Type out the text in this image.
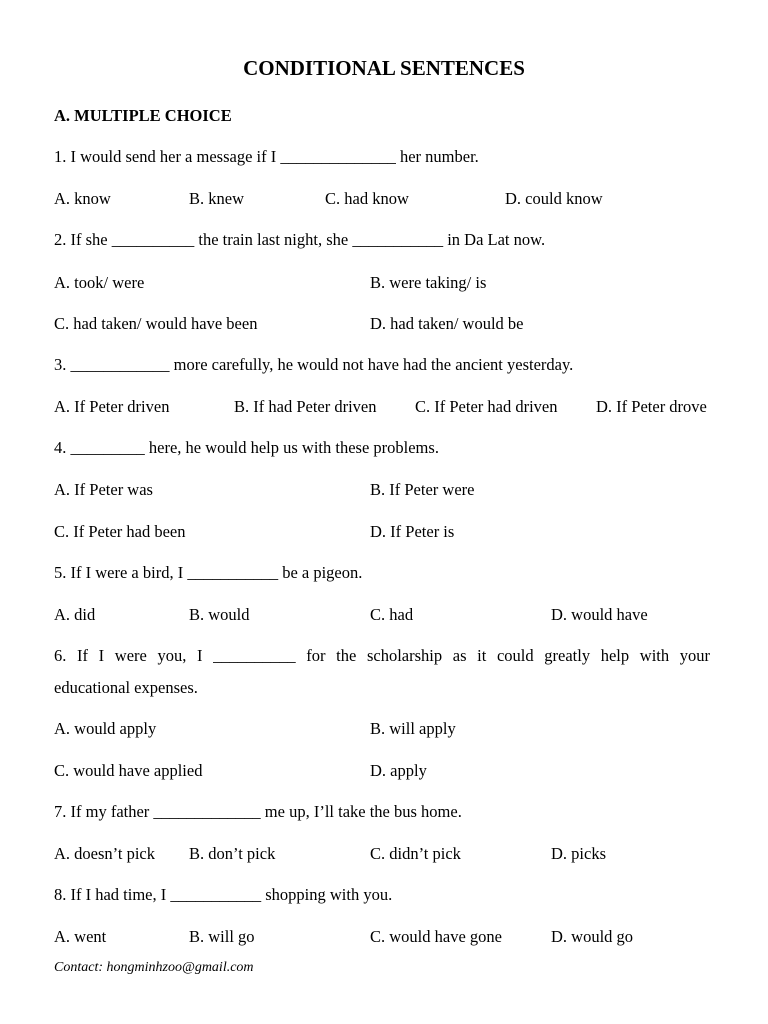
CONDITIONAL SENTENCES
A. MULTIPLE CHOICE
1. I would send her a message if I ______________ her number.
A. know	B. knew	C. had know	D. could know
2. If she __________ the train last night, she ___________ in Da Lat now.
A. took/ were	B. were taking/ is
C. had taken/ would have been	D. had taken/ would be
3. ____________ more carefully, he would not have had the ancient yesterday.
A. If Peter driven	B. If had Peter driven C. If Peter had driven D. If Peter drove
4. _________ here, he would help us with these problems.
A. If Peter was	B. If Peter were
C. If Peter had been	D. If Peter is
5. If I were a bird, I ___________ be a pigeon.
A. did	B. would	C. had	D. would have
6. If I were you, I __________ for the scholarship as it could greatly help with your
educational expenses.
A. would apply	B. will apply
C. would have applied	D. apply
7. If my father _____________ me up, I’ll take the bus home.
A. doesn’t pick B. don’t pick	C. didn’t pick	D. picks
8. If I had time, I ___________ shopping with you.
A. went	B. will go	C. would have gone	D. would go
Contact: hongminhzoo@gmail.com
